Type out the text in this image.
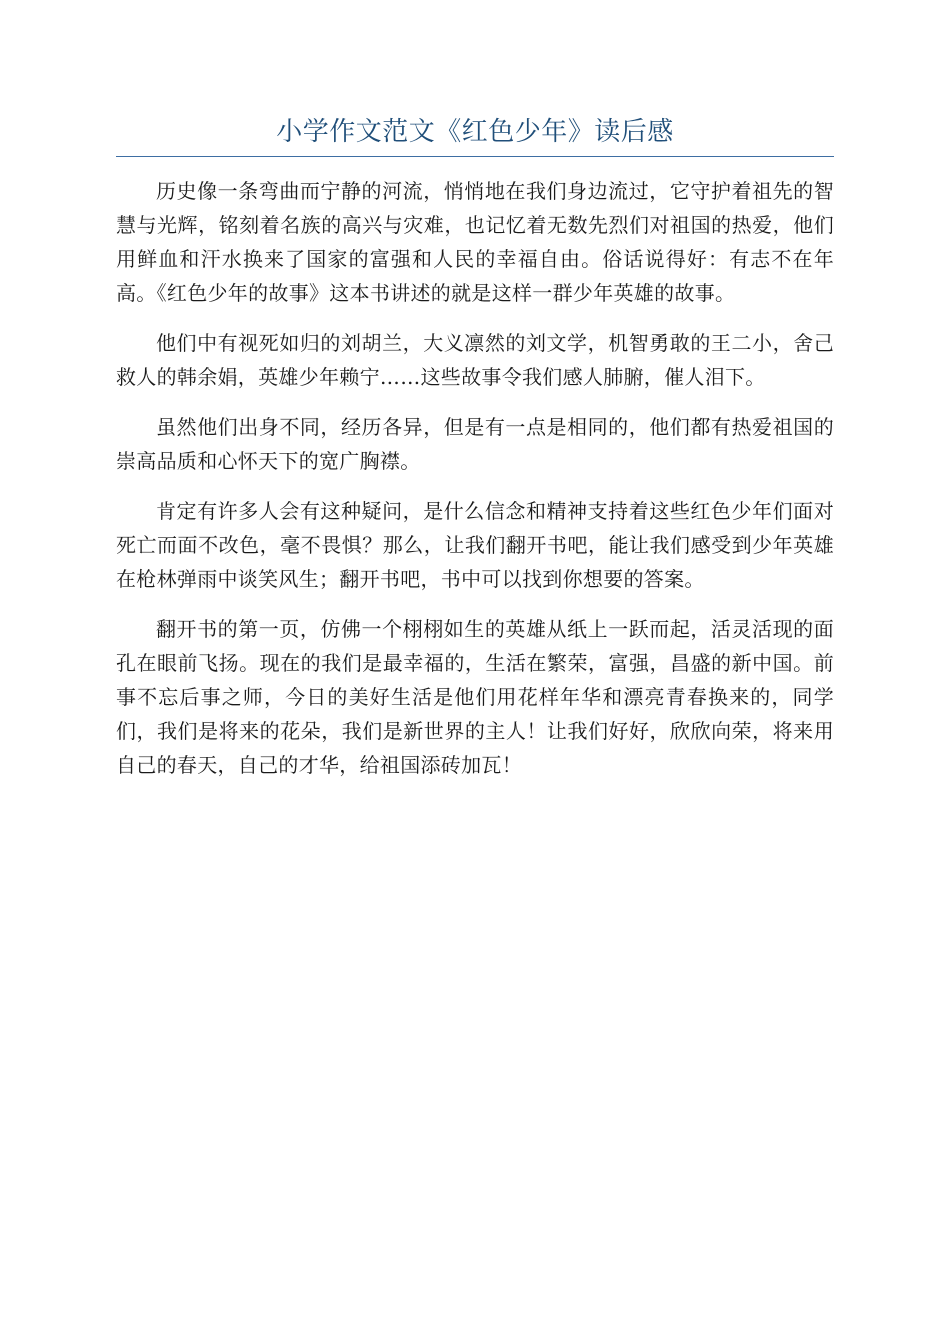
小学作文范文《红色少年》读后感

历史像一条弯曲而宁静的河流，悄悄地在我们身边流过，它守护着祖先的智慧与光辉，铭刻着名族的高兴与灾难，也记忆着无数先烈们对祖国的热爱，他们用鲜血和汗水换来了国家的富强和人民的幸福自由。俗话说得好：有志不在年高。《红色少年的故事》这本书讲述的就是这样一群少年英雄的故事。

他们中有视死如归的刘胡兰，大义凛然的刘文学，机智勇敢的王二小，舍己救人的韩余娟，英雄少年赖宁……这些故事令我们感人肺腑，催人泪下。

虽然他们出身不同，经历各异，但是有一点是相同的，他们都有热爱祖国的崇高品质和心怀天下的宽广胸襟。

肯定有许多人会有这种疑问，是什么信念和精神支持着这些红色少年们面对死亡而面不改色，毫不畏惧？那么，让我们翻开书吧，能让我们感受到少年英雄在枪林弹雨中谈笑风生；翻开书吧，书中可以找到你想要的答案。

翻开书的第一页，仿佛一个栩栩如生的英雄从纸上一跃而起，活灵活现的面孔在眼前飞扬。现在的我们是最幸福的，生活在繁荣，富强，昌盛的新中国。前事不忘后事之师，今日的美好生活是他们用花样年华和漂亮青春换来的，同学们，我们是将来的花朵，我们是新世界的主人！让我们好好，欣欣向荣，将来用自己的春天，自己的才华，给祖国添砖加瓦！
